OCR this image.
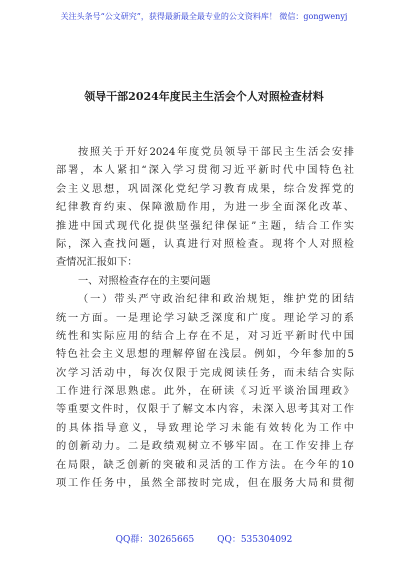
关注头条号“公文研究”，获得最新最全最专业的公文资料库！ 微信：gongwenyj
领导干部2024年度民主生活会个人对照检查材料
按照关于开好2024年度党员领导干部民主生活会安排
部署，本人紧扣“深入学习贯彻习近平新时代中国特色社
会主义思想，巩固深化党纪学习教育成果，综合发挥党的
纪律教育约束、保障激励作用，为进一步全面深化改革、
推进中国式现代化提供坚强纪律保证”主题，结合工作实
际，深入查找问题，认真进行对照检查。现将个人对照检
查情况汇报如下：
一、对照检查存在的主要问题
（一）带头严守政治纪律和政治规矩，维护党的团结
统一方面。一是理论学习缺乏深度和广度。理论学习的系
统性和实际应用的结合上存在不足，对习近平新时代中国
特色社会主义思想的理解停留在浅层。例如，今年参加的5
次学习活动中，每次仅限于完成阅读任务，而未结合实际
工作进行深思熟虑。此外，在研读《习近平谈治国理政》
等重要文件时，仅限于了解文本内容，未深入思考其对工作
的具体指导意义，导致理论学习未能有效转化为工作中
的创新动力。二是政绩观树立不够牢固。在工作安排上存
在局限，缺乏创新的突破和灵活的工作方法。在今年的10
项工作任务中，虽然全部按时完成，但在服务大局和贯彻
QQ群：30265665        QQ：535304092
